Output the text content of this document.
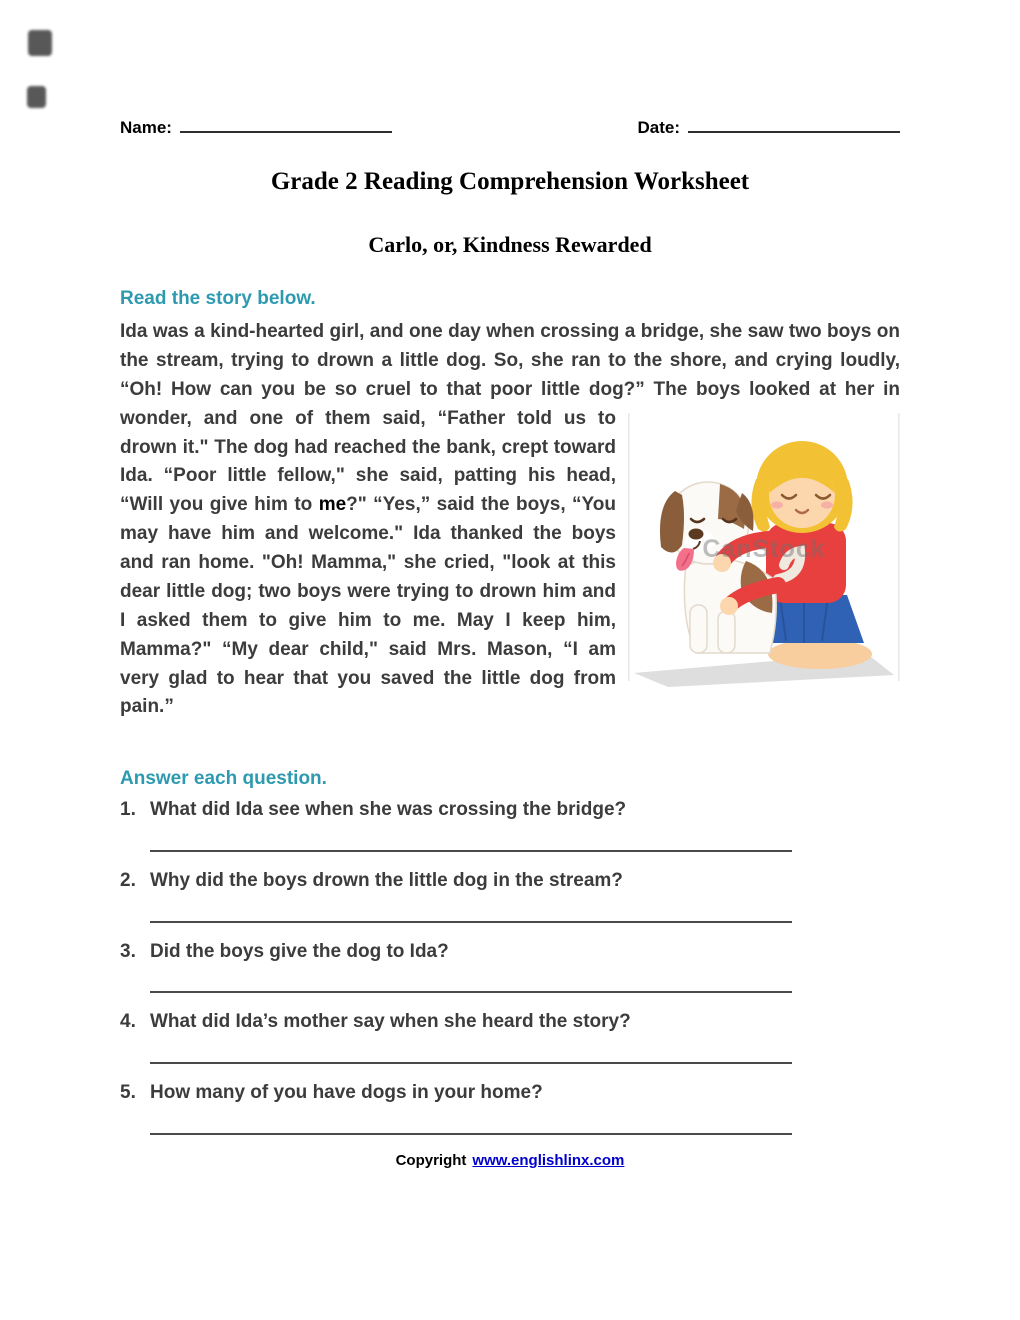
Name:	Date:
Grade 2 Reading Comprehension Worksheet
Carlo, or, Kindness Rewarded
Read the story below.

Ida was a kind-hearted girl, and one day when crossing a bridge, she saw two boys on the stream, trying to drown a little dog. So, she ran to the shore, and crying loudly, “Oh! How can you be so cruel to that poor little dog?” The boys
CanStock
looked at her in wonder, and one of them said, “Father told us to drown it." The dog had reached the bank, crept toward Ida. “Poor little fellow," she said, patting his head, “Will you give him to me?" “Yes,” said the boys, “You may have him and welcome." Ida thanked the boys and ran home. "Oh! Mamma," she cried, "look at this dear little dog; two boys were trying to drown him and I asked them to give him to me. May I keep him, Mamma?" “My dear child," said Mrs. Mason, “I am very glad to hear that you saved the little dog from pain.”

Answer each question.
1. What did Ida see when she was crossing the bridge?
2. Why did the boys drown the little dog in the stream?
3. Did the boys give the dog to Ida?
4. What did Ida’s mother say when she heard the story?
5. How many of you have dogs in your home?
Copyright www.englishlinx.com
